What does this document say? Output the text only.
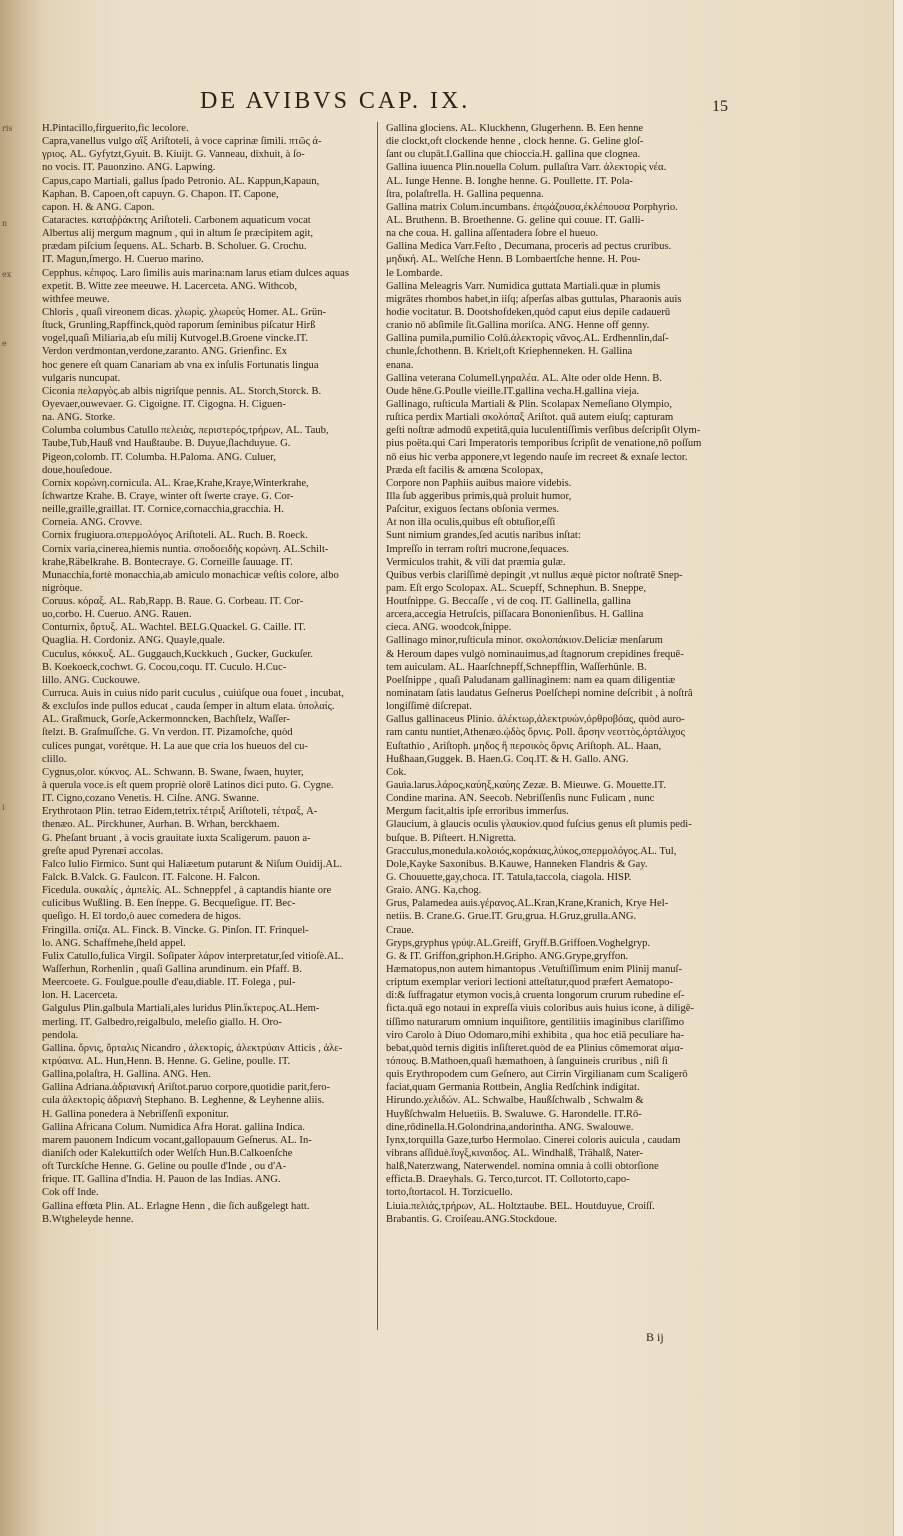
ris
n
ex
e
i
DE AVIBVS CAP. IX.	15
H.Pintacillo,firguerito,fic lecolore.
Capra,vanellus vulgo αἲξ Ariſtoteli, à voce caprinæ ſimili. πτῶς ά-
γριος. AL. Gyfytzt,Gyuit. B. Kiuijt. G. Vanneau, dixhuit, à ſo-
no vocis. IT. Pauonzino. ANG. Lapwing.
Capus,capo Martiali, gallus ſpado Petronio. AL. Kappun,Kapaun,
Kaphan. B. Capoen,oft capuyn. G. Chapon. IT. Capone,
capon. H. & ANG. Capon.
Cataractes. καταῤῥάκτης Ariſtoteli. Carbonem aquaticum vocat
Albertus alij mergum magnum , qui in altum ſe præcipitem agit,
prædam piſcium ſequens. AL. Scharb. B. Scholuer. G. Crochu.
IT. Magun,ſmergo. H. Cueruo marino.
Cepphus. κέπφος. Laro ſimilis auis marina:nam larus etiam dulces aquas
expetit. B. Witte zee meeuwe. H. Lacerceta. ANG. Withcob,
withfee meuwe.
Chloris , quaſi vireonem dicas. χλωρὶς. χλωρεὺς Homer. AL. Grün-
ſtuck, Grunling,Rapffinck,quòd raporum ſeminibus piſcatur Hirß
vogel,quaſi Miliaria,ab eſu milij Kutvogel.B.Groene vincke.IT.
Verdon verdmontan,verdone,zaranto. ANG. Grienfinc. Ex
hoc genere eſt quam Canariam ab vna ex inſulis Fortunatis lingua
vulgaris nuncupat.
Ciconia πελαργὸς.ab albis nigriſque pennis. AL. Storch,Storck. B.
Oyevaer,ouwevaer. G. Cigoigne. IT. Cigogna. H. Ciguen-
na. ANG. Storke.
Columba columbus Catullo πελειὰς, περιστερός,τρήρων, AL. Taub,
Taube,Tub,Hauß vnd Haußtaube. B. Duyue,ſlachduyue. G.
Pigeon,colomb. IT. Columba. H.Paloma. ANG. Culuer,
doue,houſedoue.
Cornix κορώνη.cornicula. AL. Krae,Krahe,Kraye,Winterkrahe,
ſchwartze Krahe. B. Craye, winter oft ſwerte craye. G. Cor-
neille,graille,graillat. IT. Cornice,cornacchia,gracchia. H.
Corneia. ANG. Crovve.
Cornix frugiuora.σπερμολόγος Ariſtoteli. AL. Ruch. B. Roeck.
Cornix varia,cinerea,hiemis nuntia. σποδοειδὴς κορώνη. AL.Schilt-
krahe,Räbelkrahe. B. Bontecraye. G. Corneille ſauuage. IT.
Munacchia,fortè monacchia,ab amiculo monachicæ veſtis colore, albo
nigròque.
Coruus. κόραξ. AL. Rab,Rapp. B. Raue. G. Corbeau. IT. Cor-
uo,corbo. H. Cueruo. ANG. Rauen.
Conturnix, ὄρτυξ. AL. Wachtel. BELG.Quackel. G. Caille. IT.
Quaglia. H. Cordoniz. ANG. Quayle,quale.
Cuculus, κόκκυξ. AL. Guggauch,Kuckkuch , Gucker, Guckuſer.
B. Koekoeck,cochwt. G. Cocou,coqu. IT. Cuculo. H.Cuc-
lillo. ANG. Cuckouwe.
Curruca. Auis in cuius nido parit cuculus , cuiúſque oua fouet , incubat,
& excluſos inde pullos educat , cauda ſemper in altum elata. ὑπολαίς.
AL. Graßmuck, Gorſe,Ackermonncken, Bachſtelz, Waſſer-
ſtelzt. B. Graſmuſſche. G. Vn verdon. IT. Pizamoſche, quòd
culices pungat, vorétque. H. La aue que cria los hueuos del cu-
clillo.
Cygnus,olor. κύκνος. AL. Schwann. B. Swane, ſwaen, huyter,
à querula voce.is eſt quem propriè olorē Latinos dici puto. G. Cygne.
IT. Cigno,cozano Venetis. H. Ciſne. ANG. Swanne.
Erythrotaon Plin. tetrao Eidem,tetrix.τέτριξ Ariſtoteli, τέτραξ, A-
thenæo. AL. Pirckhuner, Aurhan. B. Wrhan, berckhaem.
G. Pheſant bruant , à vocis grauitate iuxta Scaligerum. pauon a-
greſte apud Pyrenæi accolas.
Falco Iulio Firmico. Sunt qui Haliæetum putarunt & Niſum Ouidij.AL.
Falck. B.Valck. G. Faulcon. IT. Falcone. H. Falcon.
Ficedula. συκαλίς , ἀμπελίς. AL. Schneppfel , à captandis hiante ore
culicibus Wußling. B. Een ſneppe. G. Becqueſigue. IT. Bec-
queſigo. H. El tordo,ò auec comedera de higos.
Fringilla. σπίζα. AL. Finck. B. Vincke. G. Pinſon. IT. Frinquel-
lo. ANG. Schaffmehe,ſheld appel.
Fulix Catullo,fulica Virgil. Soſipater λάρον interpretatur,ſed vitioſè.AL.
Waſſerhun, Rorhenlin , quaſi Gallina arundinum. ein Pfaff. B.
Meercoete. G. Foulgue.poulle d'eau,diable. IT. Folega , pul-
lon. H. Lacerceta.
Galgulus Plin.galbula Martiali,ales luridus Plin.ἴκτερος.AL.Hem-
merling. IT. Galbedro,reigalbulo, meleſio giallo. H. Oro-
pendola.
Gallina. ὄρνις, ὄρταλις Nicandro , ἀλεκτορίς, ἀλεκτρύαιν Atticis , ἀλε-
κτρύαινα. AL. Hun,Henn. B. Henne. G. Geline, poulle. IT.
Gallina,polaſtra, H. Gallina. ANG. Hen.
Gallina Adriana.ἀδριανική Ariſtot.paruo corpore,quotidie parit,fero-
cula ἀλεκτορὶς ἀδριανὴ Stephano. B. Leghenne, & Leyhenne aliis.
H. Gallina ponedera à Nebriſſenſi exponitur.
Gallina Africana Colum. Numidica Afra Horat. gallina Indica.
marem pauonem Indicum vocant,gallopauum Geſnerus. AL. In-
dianiſch oder Kalekuttiſch oder Welſch Hun.B.Calkoenſche
oft Turckſche Henne. G. Geline ou poulle d'Inde , ou d'A-
frique. IT. Gallina d'India. H. Pauon de las Indias. ANG.
Cok off Inde.
Gallina effœta Plin. AL. Erlagne Henn , die ſich außgelegt hatt.
B.Wtgheleyde henne.
Gallina glociens. AL. Kluckhenn, Glugerhenn. B. Een henne
die clockt,oft clockende henne , clock henne. G. Geline gloſ-
ſant ou clupāt.I.Gallina que chioccia.H. gallina que clognea.
Gallina iuuenca Plin.nouella Colum. pullaſtra Varr. ἀλεκτορὶς νέα.
AL. Iunge Henne. B. Ionghe henne. G. Poullette. IT. Pola-
ſtra, polaſtrella. H. Gallina pequenna.
Gallina matrix Colum.incumbans. ἐπῳάζουσα,ἐκλέπουσα Porphyrio.
AL. Bruthenn. B. Broethenne. G. geline qui couue. IT. Galli-
na che coua. H. gallina aſſentadera ſobre el hueuo.
Gallina Medica Varr.Feſto , Decumana, proceris ad pectus cruribus.
μηδική. AL. Welſche Henn. B Lombaertſche henne. H. Pou-
le Lombarde.
Gallina Meleagris Varr. Numidica guttata Martiali.quæ in plumis
migrātes rhombos habet,in iiſq; aſperſas albas guttulas, Pharaonis auis
hodie vocitatur. B. Dootshofdeken,quòd caput eius depile cadauerū
cranio nō abſimile ſit.Gallina moriſca. ANG. Henne off genny.
Gallina pumila,pumilio Colū.ἀλεκτορὶς νᾶνος.AL. Erdhennlin,daſ-
chunle,ſchothenn. B. Krielt,oft Kriephenneken. H. Gallina
enana.
Gallina veterana Columell.γηραλέα. AL. Alte oder olde Henn. B.
Oude hēne.G.Poulle vieille.IT.gallina vecha.H.gallina vieja.
Gallinago, ruſticula Martiali & Plin. Scolapax Nemeſiano Olympio,
ruſtica perdix Martiali σκολόπαξ Ariſtot. quā autem eiuſq; capturam
geſti noſtræ admodū expetitā,quia luculentiſſimis verſibus deſcripſit Olym-
pius poëta.qui Cari Imperatoris temporibus ſcripſit de venatione,nō poſſum
nō eius hic verba apponere,vt legendo nauſe im recreet & exnaſe lector.
Præda eſt facilis & amœna Scolopax,
Corpore non Paphiis auibus maiore videbis.
Illa ſub aggeribus primis,quà proluit humor,
Paſcitur, exiguos ſectans obſonia vermes.
At non illa oculis,quibus eſt obtuſior,eſſi
Sunt nimium grandes,ſed acutis naribus inſtat:
Impreſſo in terram roſtri mucrone,ſequaces.
Vermiculos trahit, & vili dat præmia gulæ.
Quibus verbis clariſſimè depingit ,vt nullus æquè pictor noſtratē Snep-
pam. Eſt ergo Scolopax. AL. Scuepff, Schnephun. B. Sneppe,
Houtſnippe. G. Beccaſſe , vi de coq. IT. Gallinella, gallina
arcera,accegia Hetruſcis, piſſacara Bononienſibus. H. Gallina
cieca. ANG. woodcok,ſnippe.
Gallinago minor,ruſticula minor. σκολοπάκιον.Deliciæ menſarum
& Heroum dapes vulgò nominauimus,ad ſtagnorum crepidines frequē-
tem auiculam. AL. Haarſchnepff,Schnepfflin, Waſſerhünle. B.
Poelſnippe , quaſi Paludanam gallinaginem: nam ea quam diligentiæ
nominatam ſatis laudatus Geſnerus Poelſchepi nomine deſcribit , à noſtrâ
longiſſimè diſcrepat.
Gallus gallinaceus Plinio. ἀλέκτωρ,ἀλεκτρυών,ὀρθροβόας, quòd auro-
ram cantu nuntiet,Athenæo.ᾠδὸς ὄρνις. Poll. ἄρσην νεοττὸς,ὀρτάλιχος
Euſtathio , Ariſtoph. μηδος ἢ περσικὸς ὄρνις Ariſtoph. AL. Haan,
Hußhaan,Guggek. B. Haen.G. Coq.IT. & H. Gallo. ANG.
Cok.
Gauia.larus.λάρος,καύηξ,καύης Zezæ. B. Mieuwe. G. Mouette.IT.
Condine marina. AN. Seecob. Nebriſſenſis nunc Fulicam , nunc
Mergum facit,altis ipſe erroribus immerſus.
Glaucium, à glaucis oculis γλαυκίον.quod fuſcius genus eſt plumis pedi-
buſque. B. Piſteert. H.Nigretta.
Gracculus,monedula.κολοιός,κοράκιας,λύκος,σπερμολόγος.AL. Tul,
Dole,Kayke Saxonibus. B.Kauwe, Hanneken Flandris & Gay.
G. Chouuette,gay,choca. IT. Tatula,taccola, ciagola. HISP.
Graio. ANG. Ka,chog.
Grus, Palamedea auis.γέρανος.AL.Kran,Krane,Kranich, Krye Hel-
netiis. B. Crane.G. Grue.IT. Gru,grua. H.Gruz,grulla.ANG.
Craue.
Gryps,gryphus γρύψ.AL.Greiff, Gryff.B.Griffoen.Voghelgryp.
G. & IT. Griffon,griphon.H.Gripho. ANG.Grype,gryffon.
Hæmatopus,non autem himantopus .Vetuſtiſſimum enim Plinij manuſ-
criptum exemplar veriori lectioni atteſtatur,quod præfert Aematopo-
di:& ſuffragatur etymon vocis,à cruenta longorum crurum rubedine eſ-
ficta.quā ego notaui in expreſſa viuis coloribus auis huius icone, à diligē-
tiſſimo naturarum omnium inquiſitore, gentilitiis imaginibus clariſſimo
viro Carolo à Diuo Odomaro,mihi exhibita , qua hoc etiā peculiare ha-
bebat,quòd ternis digitis inſiſteret.quòd de ea Plinius cōmemorat αἱμα-
τόπους. B.Mathoen,quaſi hæmathoen, à ſanguineis cruribus , niſi ſi
quis Erythropodem cum Geſnero, aut Cirrin Virgilianam cum Scaligerō
faciat,quam Germania Rottbein, Anglia Redſchink indigitat.
Hirundo.χελιδών. AL. Schwalbe, Haußſchwalb , Schwalm &
Huyßſchwalm Heluetiis. B. Swaluwe. G. Harondelle. IT.Rō-
dine,rōdinella.H.Golondrina,andorintha. ANG. Swalouwe.
Iynx,torquilla Gaze,turbo Hermolao. Cinerei coloris auicula , caudam
vibrans aſſiduè.ἴυγξ,κιναιδος. AL. Windhalß, Trähalß, Nater-
halß,Naterzwang, Naterwendel. nomina omnia à colli obtorſione
efficta.B. Draeyhals. G. Terco,turcot. IT. Collotorto,capo-
torto,ſtortacol. H. Torzicuello.
Liuia.πελιάς,τρήρων, AL. Holtztaube. BEL. Houtduyue, Croiſſ.
Brabantis. G. Croiſeau.ANG.Stockdoue.
B ij
